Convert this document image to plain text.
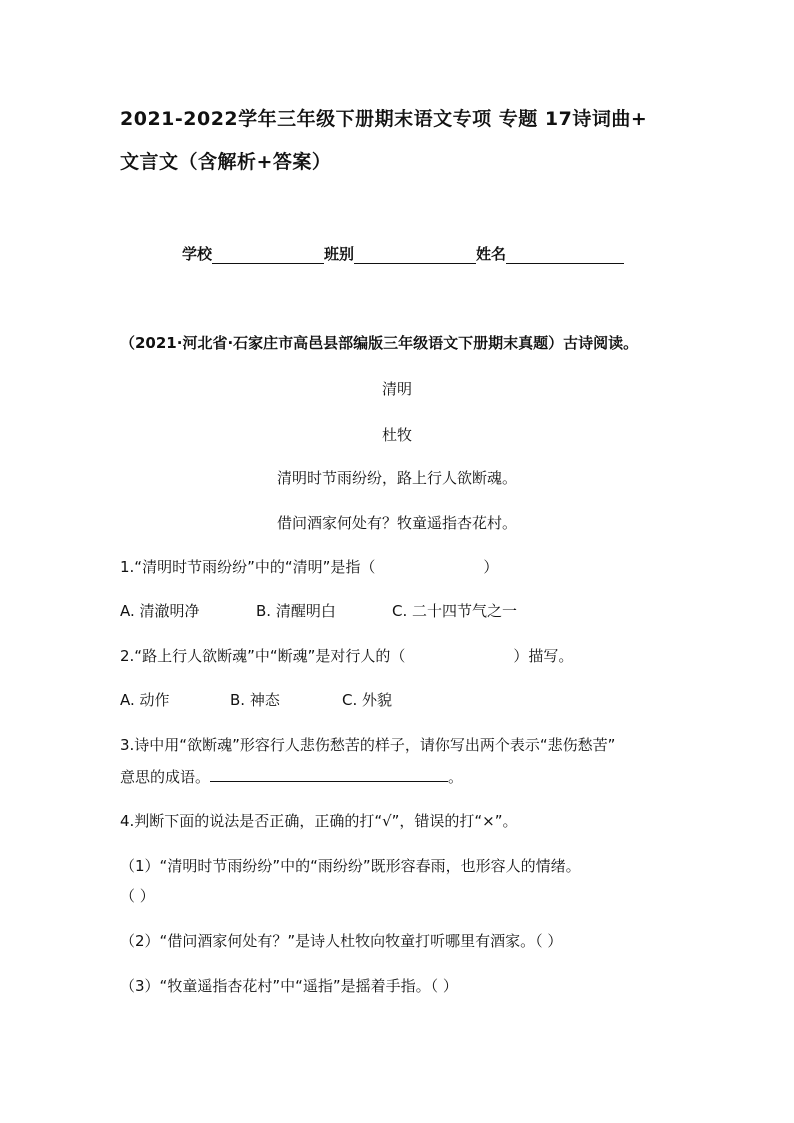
2021-2022学年三年级下册期末语文专项 专题 17诗词曲+
文言文（含解析+答案）
学校	班别	姓名
（2021·河北省·石家庄市高邑县部编版三年级语文下册期末真题）古诗阅读。
清明
杜牧
清明时节雨纷纷，路上行人欲断魂。
借问酒家何处有？牧童遥指杏花村。
1.“清明时节雨纷纷”中的“清明”是指（	）
A. 清澈明净	B. 清醒明白	C. 二十四节气之一
2.“路上行人欲断魂”中“断魂”是对行人的（	）描写。
A. 动作	B. 神态	C. 外貌
3.诗中用“欲断魂”形容行人悲伤愁苦的样子，请你写出两个表示“悲伤愁苦”
意思的成语。	。
4.判断下面的说法是否正确，正确的打“√”，错误的打“×”。
（1）“清明时节雨纷纷”中的“雨纷纷”既形容春雨，也形容人的情绪。
（ ）
（2）“借问酒家何处有？”是诗人杜牧向牧童打听哪里有酒家。（ ）
（3）“牧童遥指杏花村”中“遥指”是摇着手指。（ ）
